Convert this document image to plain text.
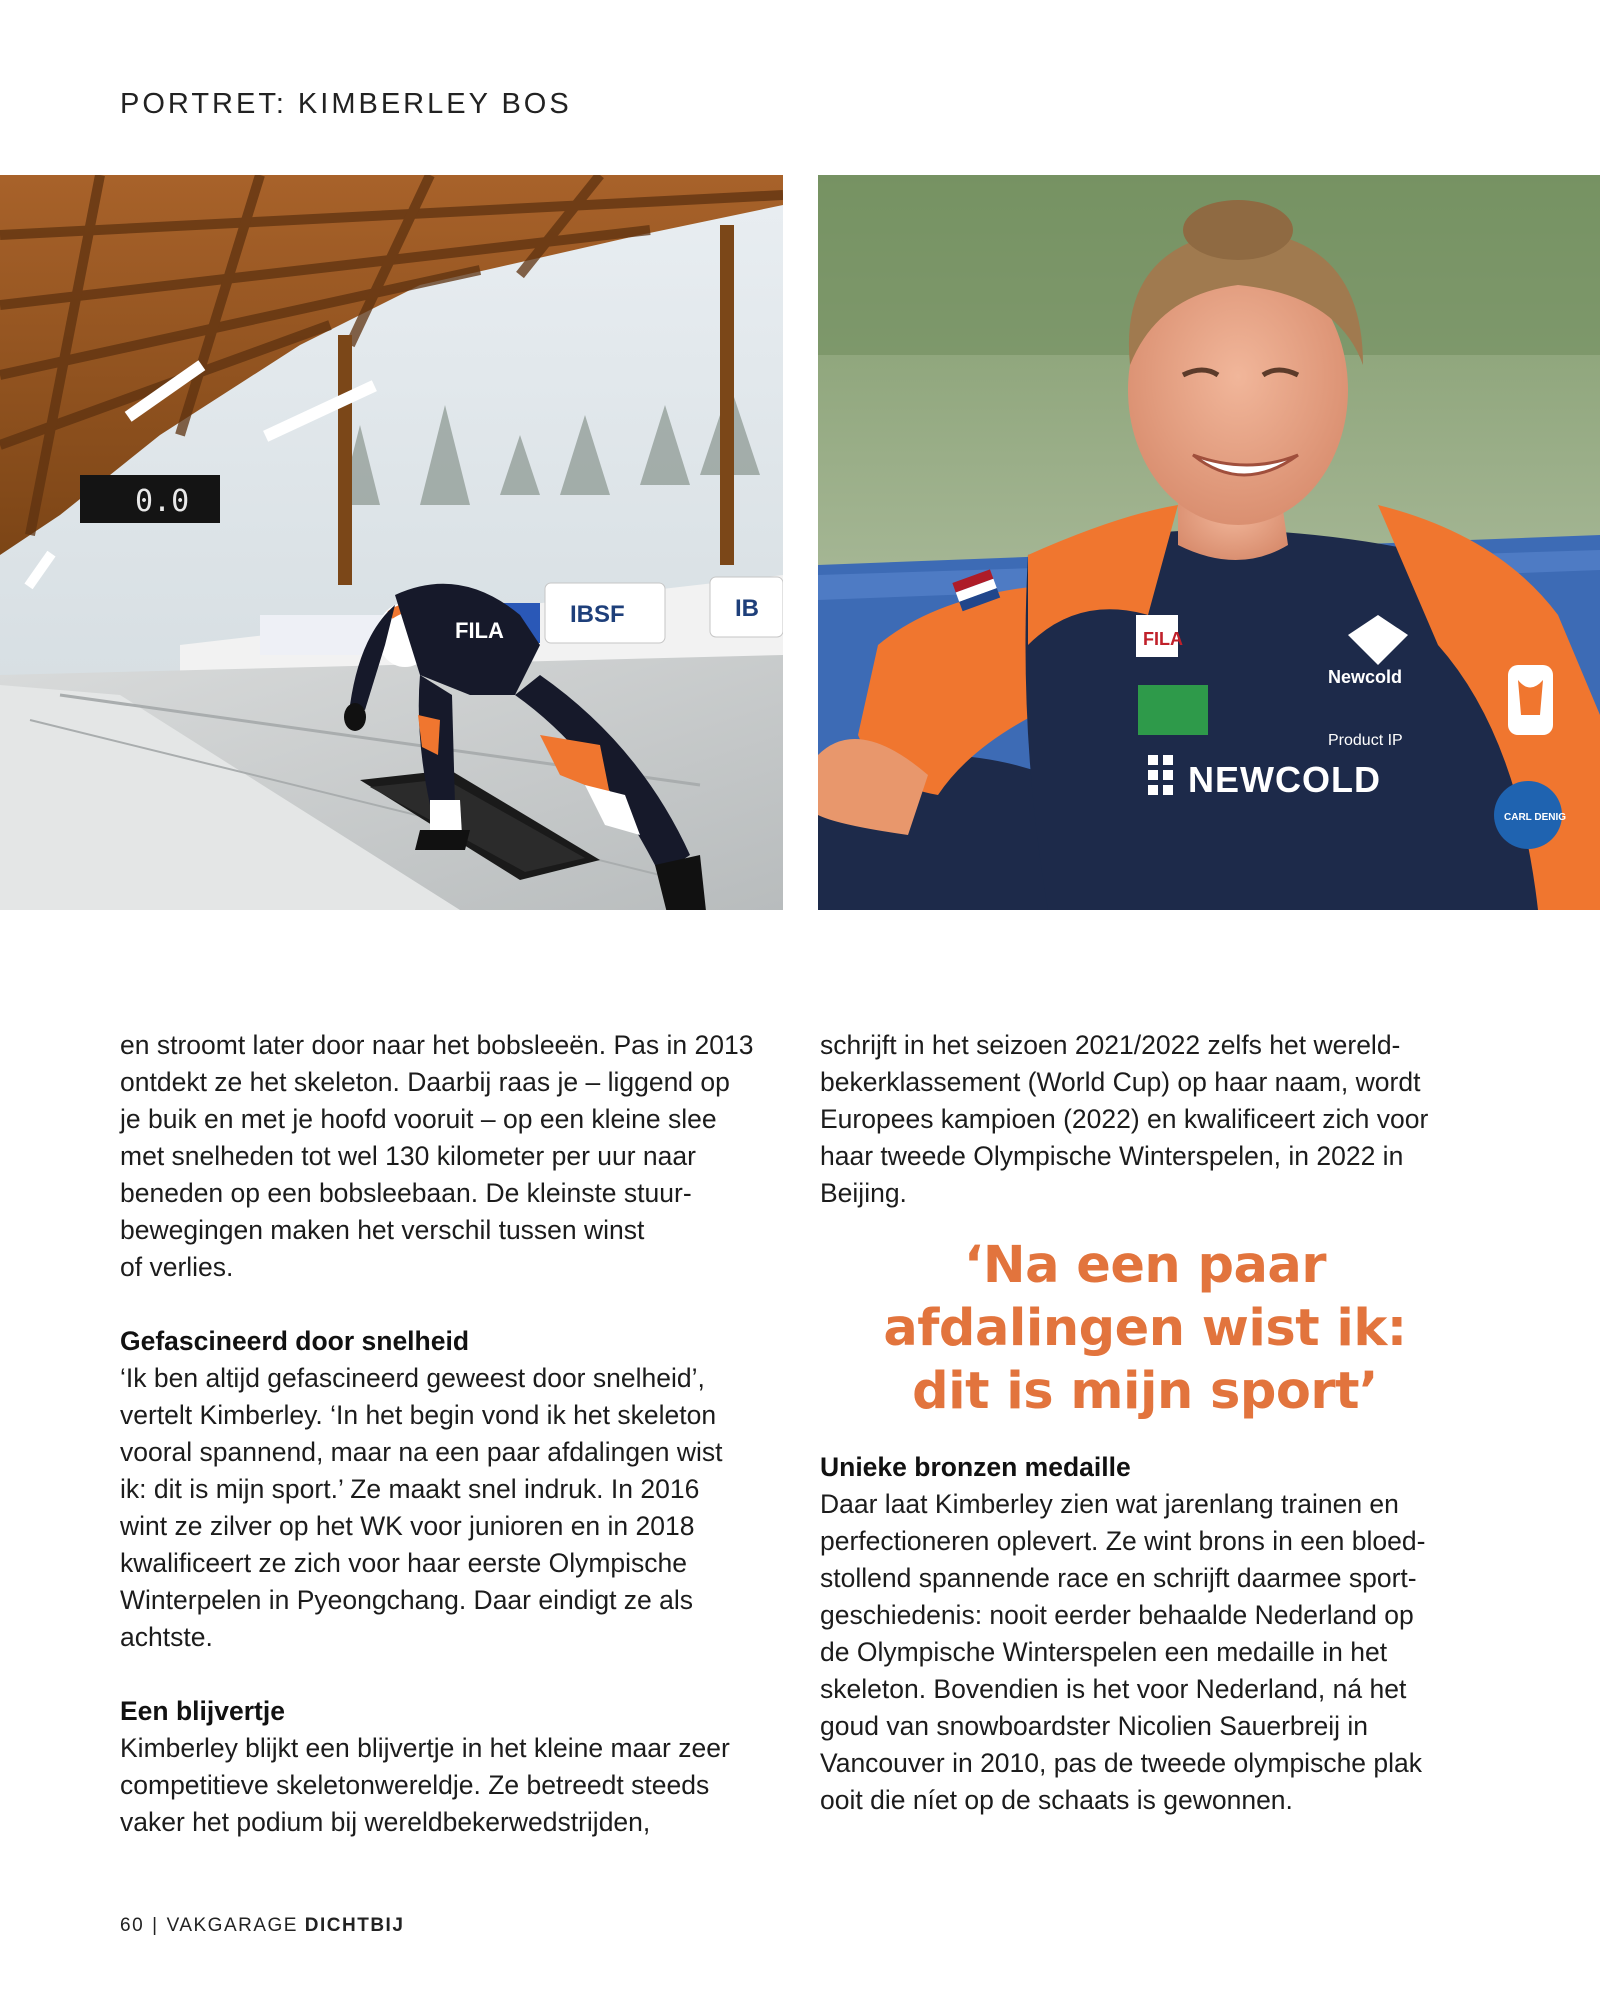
PORTRET: KIMBERLEY BOS
0.0
IBSF	IB
FILA	FILA
Newcold
Product IP
NEWCOLD
CARL DENIG

en stroomt later door naar het bobsleeën. Pas in 2013

ontdekt ze het skeleton. Daarbij raas je – liggend op

je buik en met je hoofd vooruit – op een kleine slee

met snelheden tot wel 130 kilometer per uur naar

beneden op een bobsleebaan. De kleinste stuur-

bewegingen maken het verschil tussen winst

of verlies.

Gefascineerd door snelheid

‘Ik ben altijd gefascineerd geweest door snelheid’,

vertelt Kimberley. ‘In het begin vond ik het skeleton

vooral spannend, maar na een paar afdalingen wist

ik: dit is mijn sport.’ Ze maakt snel indruk. In 2016

wint ze zilver op het WK voor junioren en in 2018

kwalificeert ze zich voor haar eerste Olympische

Winterpelen in Pyeongchang. Daar eindigt ze als

achtste.

Een blijvertje

Kimberley blijkt een blijvertje in het kleine maar zeer

competitieve skeletonwereldje. Ze betreedt steeds

vaker het podium bij wereldbekerwedstrijden,

schrijft in het seizoen 2021/2022 zelfs het wereld-

bekerklassement (World Cup) op haar naam, wordt

Europees kampioen (2022) en kwalificeert zich voor

haar tweede Olympische Winterspelen, in 2022 in

Beijing.

‘Na een paar
afdalingen wist ik:
dit is mijn sport’
Unieke bronzen medaille

Daar laat Kimberley zien wat jarenlang trainen en

perfectioneren oplevert. Ze wint brons in een bloed-

stollend spannende race en schrijft daarmee sport-

geschiedenis: nooit eerder behaalde Nederland op

de Olympische Winterspelen een medaille in het

skeleton. Bovendien is het voor Nederland, ná het

goud van snowboardster Nicolien Sauerbreij in

Vancouver in 2010, pas de tweede olympische plak

ooit die níet op de schaats is gewonnen.

60 | VAKGARAGE DICHTBIJ
